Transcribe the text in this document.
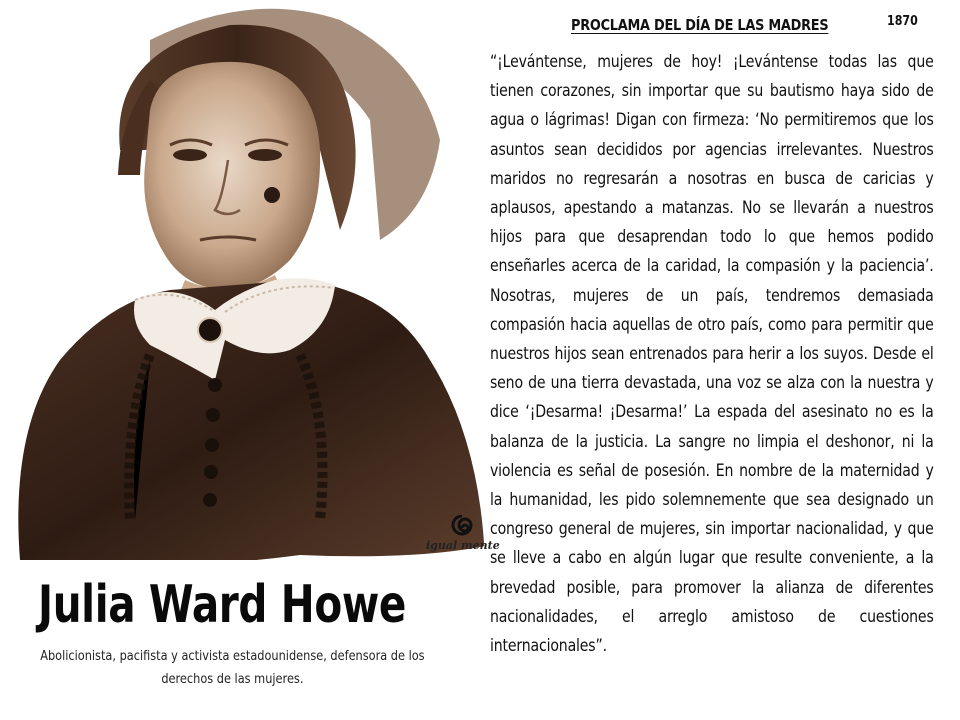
PROCLAMA DEL DÍA DE LAS MADRES	1870
“¡Levántense, mujeres de hoy! ¡Levántense todas las que tienen corazones, sin importar que su bautismo haya sido de agua o lágrimas! Digan con firmeza: ‘No permitiremos que los asuntos sean decididos por agencias irrelevantes. Nuestros maridos no regresarán a nosotras en busca de caricias y aplausos, apestando a matanzas. No se llevarán a nuestros hijos para que desaprendan todo lo que hemos podido enseñarles acerca de la caridad, la compasión y la paciencia’. Nosotras, mujeres de un país, tendremos demasiada compasión hacia aquellas de otro país, como para permitir que nuestros hijos sean entrenados para herir a los suyos. Desde el seno de una tierra devastada, una voz se alza con la nuestra y dice ‘¡Desarma! ¡Desarma!’ La espada del asesinato no es la balanza de la justicia. La sangre no limpia el deshonor, ni la violencia es señal de posesión. En nombre de la maternidad y la humanidad, les pido solemnemente que sea designado un congreso general de mujeres, sin importar nacionalidad, y que se lleve a cabo en algún lugar que resulte conveniente, a la brevedad posible, para promover la alianza de diferentes nacionalidades, el arreglo amistoso de cuestiones internacionales”.
igual mente
Julia Ward Howe
Abolicionista, pacifista y activista estadounidense, defensora de los derechos de las mujeres.
